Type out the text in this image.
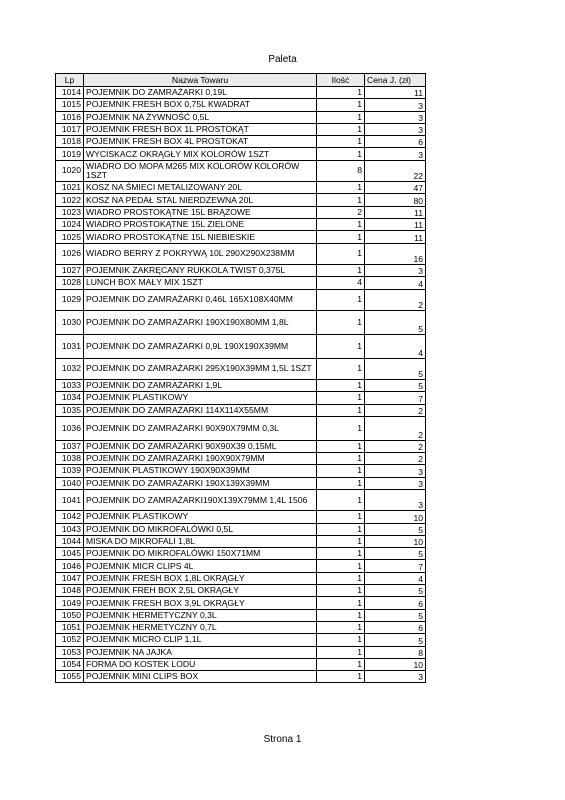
Paleta
Lp	Nazwa Towaru	Ilość	Cena J. (zł)
1014	POJEMNIK DO ZAMRAŻARKI 0,19L	1	11
1015	POJEMNIK FRESH BOX 0,75L KWADRAT	1	3
1016	POJEMNIK NA ŻYWNOŚĆ 0,5L	1	3
1017	POJEMNIK FRESH BOX 1L PROSTOKĄT	1	3
1018	POJEMNIK FRESH BOX 4L PROSTOKAT	1	6
1019	WYCISKACZ OKRĄGŁY MIX KOLORÓW 1SZT	1	3
1020	WIADRO DO MOPA M265 MIX KOLORÓW KOLORÓW 1SZT	8	22
1021	KOSZ NA ŚMIECI METALIZOWANY 20L	1	47
1022	KOSZ NA PEDAŁ STAL NIERDZEWNA 20L	1	80
1023	WIADRO PROSTOKĄTNE 15L BRĄZOWE	2	11
1024	WIADRO PROSTOKĄTNE 15L ZIELONE	1	11
1025	WIADRO PROSTOKĄTNE 15L NIEBIESKIE	1	11
1026	WIADRO BERRY Z POKRYWĄ 10L 290X290X238MM	1	16
1027	POJEMNIK ZAKRĘCANY RUKKOLA TWIST 0,375L	1	3
1028	LUNCH BOX MAŁY MIX 1SZT	4	4
1029	POJEMNIK DO ZAMRAŻARKI 0,46L 165X108X40MM	1	2
1030	POJEMNIK DO ZAMRAŻARKI 190X190X80MM 1,8L	1	5
1031	POJEMNIK DO ZAMRAŻARKI 0,9L 190X190X39MM	1	4
1032	POJEMNIK DO ZAMRAŻARKI 295X190X39MM 1,5L 1SZT	1	5
1033	POJEMNIK DO ZAMRAŻARKI 1,9L	1	5
1034	POJEMNIK PLASTIKOWY	1	7
1035	POJEMNIK DO ZAMRAŻARKI 114X114X55MM	1	2
1036	POJEMNIK DO ZAMRAŻARKI 90X90X79MM 0,3L	1	2
1037	POJEMNIK DO ZAMRAŻARKI 90X90X39 0,15ML	1	2
1038	POJEMNIK DO ZAMRAŻARKI 190X90X79MM	1	2
1039	POJEMNIK PLASTIKOWY 190X90X39MM	1	3
1040	POJEMNIK DO ZAMRAŻARKI 190X139X39MM	1	3
1041	POJEMNIK DO ZAMRAŻARKI190X139X79MM 1,4L 1506	1	3
1042	POJEMNIK PLASTIKOWY	1	10
1043	POJEMNIK DO MIKROFALÓWKI 0,5L	1	5
1044	MISKA DO MIKROFALI 1,8L	1	10
1045	POJEMNIK DO MIKROFALÓWKI 150X71MM	1	5
1046	POJEMNIK MICR CLIPS 4L	1	7
1047	POJEMNIK FRESH BOX 1,8L OKRĄGŁY	1	4
1048	POJEMNIK FREH BOX 2,5L OKRĄGŁY	1	5
1049	POJEMNIK FRESH BOX 3,9L OKRĄGŁY	1	6
1050	POJEMNIK HERMETYCZNY 0,3L	1	5
1051	POJEMNIK HERMETYCZNY 0,7L	1	6
1052	POJEMNIK MICRO CLIP 1,1L	1	5
1053	POJEMNIK NA JAJKA	1	8
1054	FORMA DO KOSTEK LODU	1	10
1055	POJEMNIK MINI CLIPS BOX	1	3
Strona 1
